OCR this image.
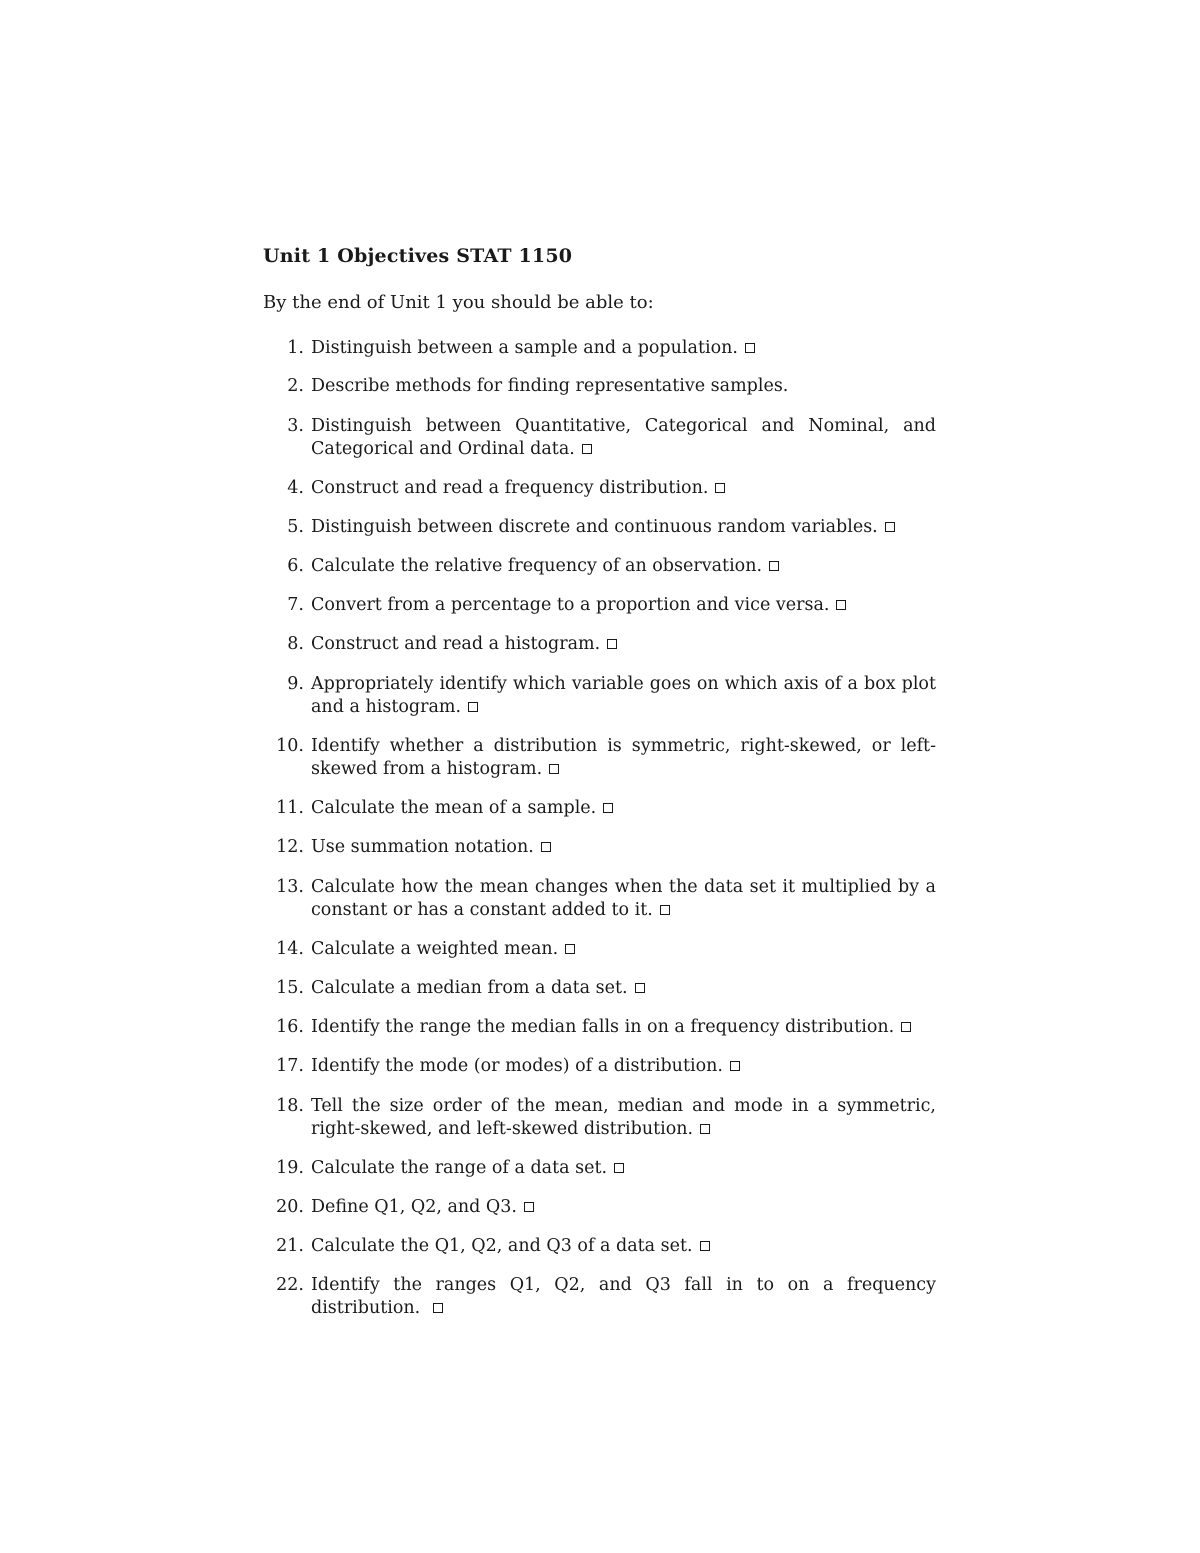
Unit 1 Objectives STAT 1150
By the end of Unit 1 you should be able to:
1. Distinguish between a sample and a population.
2. Describe methods for finding representative samples.
3. Distinguish between Quantitative, Categorical and Nominal, and Categorical and Ordinal data.
4. Construct and read a frequency distribution.
5. Distinguish between discrete and continuous random variables.
6. Calculate the relative frequency of an observation.
7. Convert from a percentage to a proportion and vice versa.
8. Construct and read a histogram.
9. Appropriately identify which variable goes on which axis of a box plot and a histogram.
10. Identify whether a distribution is symmetric, right-skewed, or left-skewed from a histogram.
11. Calculate the mean of a sample.
12. Use summation notation.
13. Calculate how the mean changes when the data set it multiplied by a constant or has a constant added to it.
14. Calculate a weighted mean.
15. Calculate a median from a data set.
16. Identify the range the median falls in on a frequency distribution.
17. Identify the mode (or modes) of a distribution.
18. Tell the size order of the mean, median and mode in a symmetric, right-skewed, and left-skewed distribution.
19. Calculate the range of a data set.
20. Define Q1, Q2, and Q3.
21. Calculate the Q1, Q2, and Q3 of a data set.
22. Identify the ranges Q1, Q2, and Q3 fall in to on a frequency distribution.
